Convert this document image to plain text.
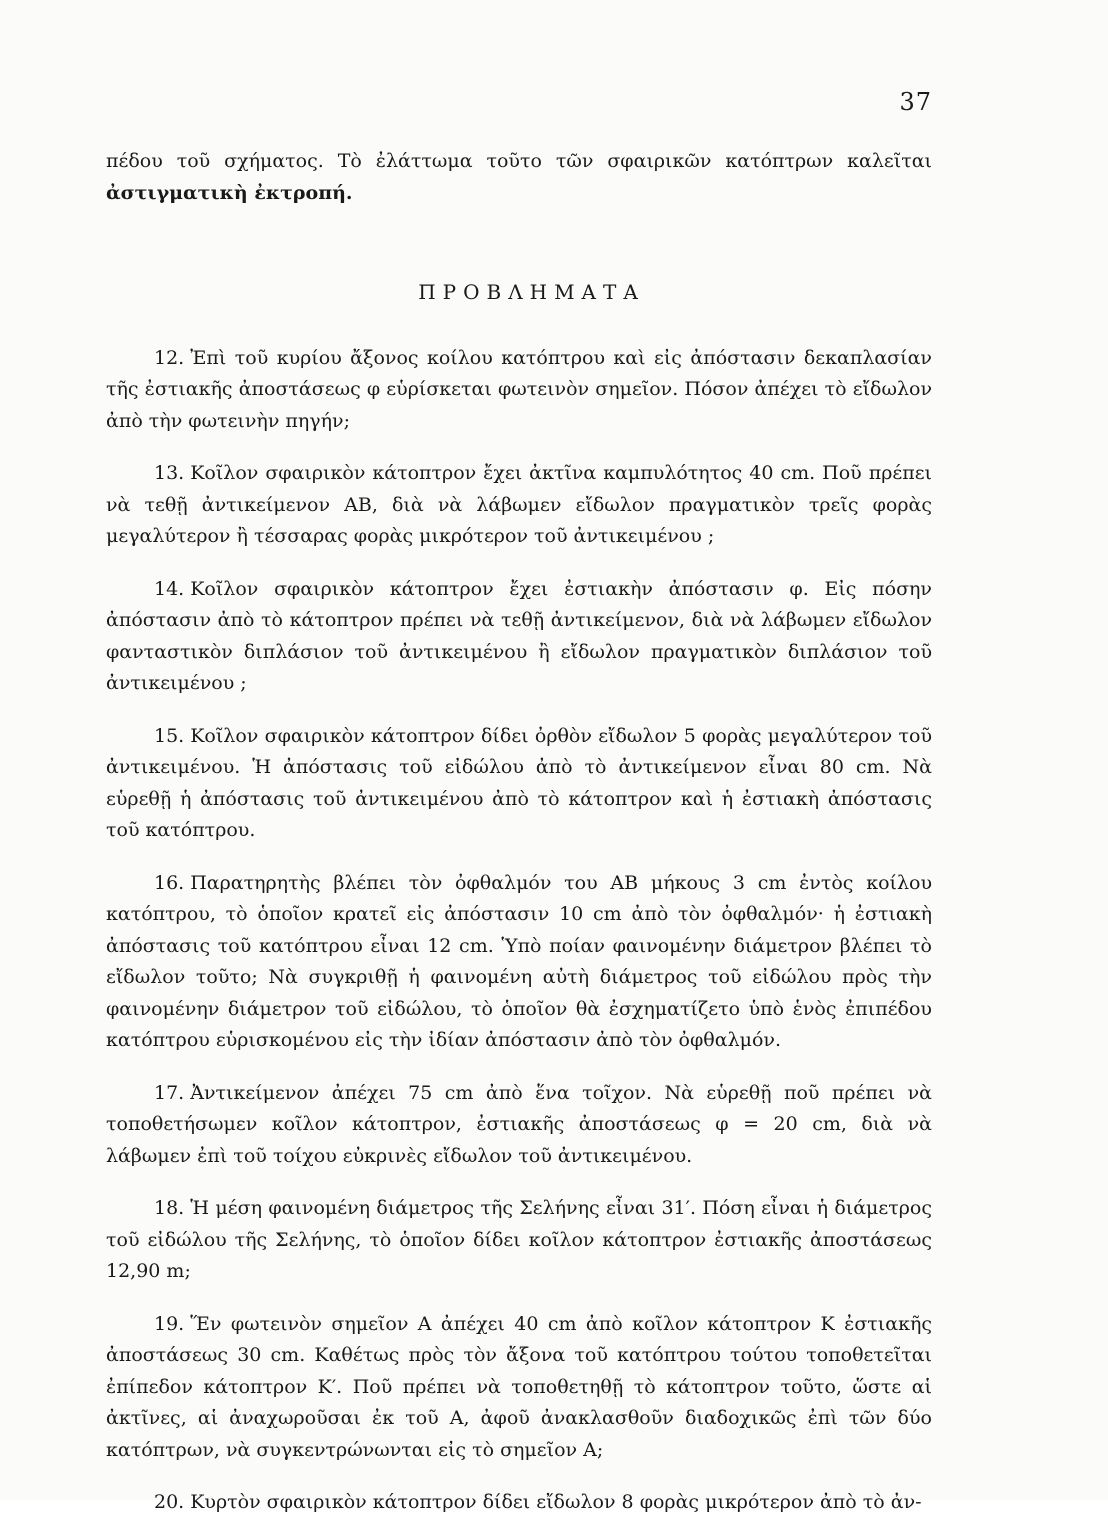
37

πέδου τοῦ σχήματος. Τὸ ἐλάττωμα τοῦτο τῶν σφαιρικῶν κατόπτρων καλεῖται ἀστιγματικὴ ἐκτροπή.

ΠΡΟΒΛΗΜΑΤΑ

12. Ἐπὶ τοῦ κυρίου ἄξονος κοίλου κατόπτρου καὶ εἰς ἀπόστασιν δεκαπλασίαν τῆς ἐστιακῆς ἀποστάσεως φ εὑρίσκεται φωτεινὸν σημεῖον. Πόσον ἀπέχει τὸ εἴδωλον ἀπὸ τὴν φωτεινὴν πηγήν;

13. Κοῖλον σφαιρικὸν κάτοπτρον ἔχει ἀκτῖνα καμπυλότητος 40 cm. Ποῦ πρέπει νὰ τεθῇ ἀντικείμενον ΑΒ, διὰ νὰ λάβωμεν εἴδωλον πραγματικὸν τρεῖς φορὰς μεγαλύτερον ἢ τέσσαρας φορὰς μικρότερον τοῦ ἀντικειμένου ;

14. Κοῖλον σφαιρικὸν κάτοπτρον ἔχει ἐστιακὴν ἀπόστασιν φ. Εἰς πόσην ἀπόστασιν ἀπὸ τὸ κάτοπτρον πρέπει νὰ τεθῇ ἀντικείμενον, διὰ νὰ λάβωμεν εἴδωλον φανταστικὸν διπλάσιον τοῦ ἀντικειμένου ἢ εἴδωλον πραγματικὸν διπλάσιον τοῦ ἀντικειμένου ;

15. Κοῖλον σφαιρικὸν κάτοπτρον δίδει ὀρθὸν εἴδωλον 5 φορὰς μεγαλύτερον τοῦ ἀντικειμένου. Ἡ ἀπόστασις τοῦ εἰδώλου ἀπὸ τὸ ἀντικείμενον εἶναι 80 cm. Νὰ εὑρεθῇ ἡ ἀπόστασις τοῦ ἀντικειμένου ἀπὸ τὸ κάτοπτρον καὶ ἡ ἐστιακὴ ἀπόστασις τοῦ κατόπτρου.

16. Παρατηρητὴς βλέπει τὸν ὀφθαλμόν του ΑΒ μήκους 3 cm ἐντὸς κοίλου κατόπτρου, τὸ ὁποῖον κρατεῖ εἰς ἀπόστασιν 10 cm ἀπὸ τὸν ὀφθαλμόν· ἡ ἐστιακὴ ἀπόστασις τοῦ κατόπτρου εἶναι 12 cm. Ὑπὸ ποίαν φαινομένην διάμετρον βλέπει τὸ εἴδωλον τοῦτο; Νὰ συγκριθῇ ἡ φαινομένη αὐτὴ διάμετρος τοῦ εἰδώλου πρὸς τὴν φαινομένην διάμετρον τοῦ εἰδώλου, τὸ ὁποῖον θὰ ἐσχηματίζετο ὑπὸ ἑνὸς ἐπιπέδου κατόπτρου εὑρισκομένου εἰς τὴν ἰδίαν ἀπόστασιν ἀπὸ τὸν ὀφθαλμόν.

17. Ἀντικείμενον ἀπέχει 75 cm ἀπὸ ἕνα τοῖχον. Νὰ εὑρεθῇ ποῦ πρέπει νὰ τοποθετήσωμεν κοῖλον κάτοπτρον, ἐστιακῆς ἀποστάσεως φ = 20 cm, διὰ νὰ λάβωμεν ἐπὶ τοῦ τοίχου εὐκρινὲς εἴδωλον τοῦ ἀντικειμένου.

18. Ἡ μέση φαινομένη διάμετρος τῆς Σελήνης εἶναι 31′. Πόση εἶναι ἡ διάμετρος τοῦ εἰδώλου τῆς Σελήνης, τὸ ὁποῖον δίδει κοῖλον κάτοπτρον ἐστιακῆς ἀποστάσεως 12,90 m;

19. Ἕν φωτεινὸν σημεῖον Α ἀπέχει 40 cm ἀπὸ κοῖλον κάτοπτρον Κ ἐστιακῆς ἀποστάσεως 30 cm. Καθέτως πρὸς τὸν ἄξονα τοῦ κατόπτρου τούτου τοποθετεῖται ἐπίπεδον κάτοπτρον Κ′. Ποῦ πρέπει νὰ τοποθετηθῇ τὸ κάτοπτρον τοῦτο, ὥστε αἱ ἀκτῖνες, αἱ ἀναχωροῦσαι ἐκ τοῦ Α, ἀφοῦ ἀνακλασθοῦν διαδοχικῶς ἐπὶ τῶν δύο κατόπτρων, νὰ συγκεντρώνωνται εἰς τὸ σημεῖον Α;

20. Κυρτὸν σφαιρικὸν κάτοπτρον δίδει εἴδωλον 8 φορὰς μικρότερον ἀπὸ τὸ ἀν-
